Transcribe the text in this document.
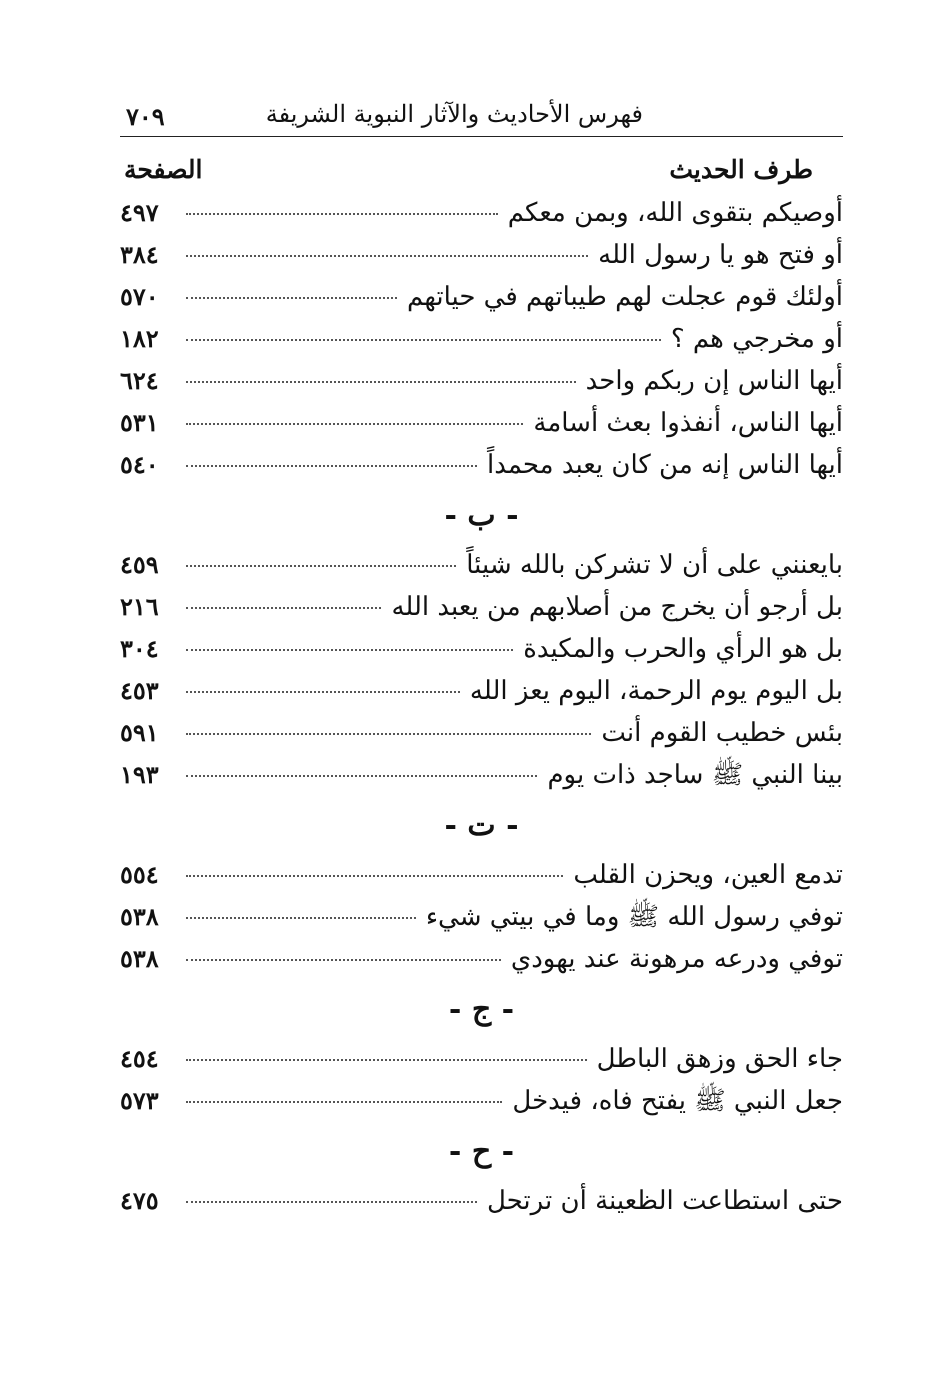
فهرس الأحاديث والآثار النبوية الشريفة
٧٠٩
طرف الحديث
الصفحة
أوصيكم بتقوى الله، وبمن معكم
٤٩٧
أو فتح هو يا رسول الله
٣٨٤
أولئك قوم عجلت لهم طيباتهم في حياتهم
٥٧٠
أو مخرجي هم ؟
١٨٢
أيها الناس إن ربكم واحد
٦٢٤
أيها الناس، أنفذوا بعث أسامة
٥٣١
أيها الناس إنه من كان يعبد محمداً
٥٤٠
- ب -
بايعنني على أن لا تشركن بالله شيئاً
٤٥٩
بل أرجو أن يخرج من أصلابهم من يعبد الله
٢١٦
بل هو الرأي والحرب والمكيدة
٣٠٤
بل اليوم يوم الرحمة، اليوم يعز الله
٤٥٣
بئس خطيب القوم أنت
٥٩١
بينا النبي ﷺ ساجد ذات يوم
١٩٣
- ت -
تدمع العين، ويحزن القلب
٥٥٤
توفي رسول الله ﷺ وما في بيتي شيء
٥٣٨
توفي ودرعه مرهونة عند يهودي
٥٣٨
- ج -
جاء الحق وزهق الباطل
٤٥٤
جعل النبي ﷺ يفتح فاه، فيدخل
٥٧٣
- ح -
حتى استطاعت الظعينة أن ترتحل
٤٧٥
